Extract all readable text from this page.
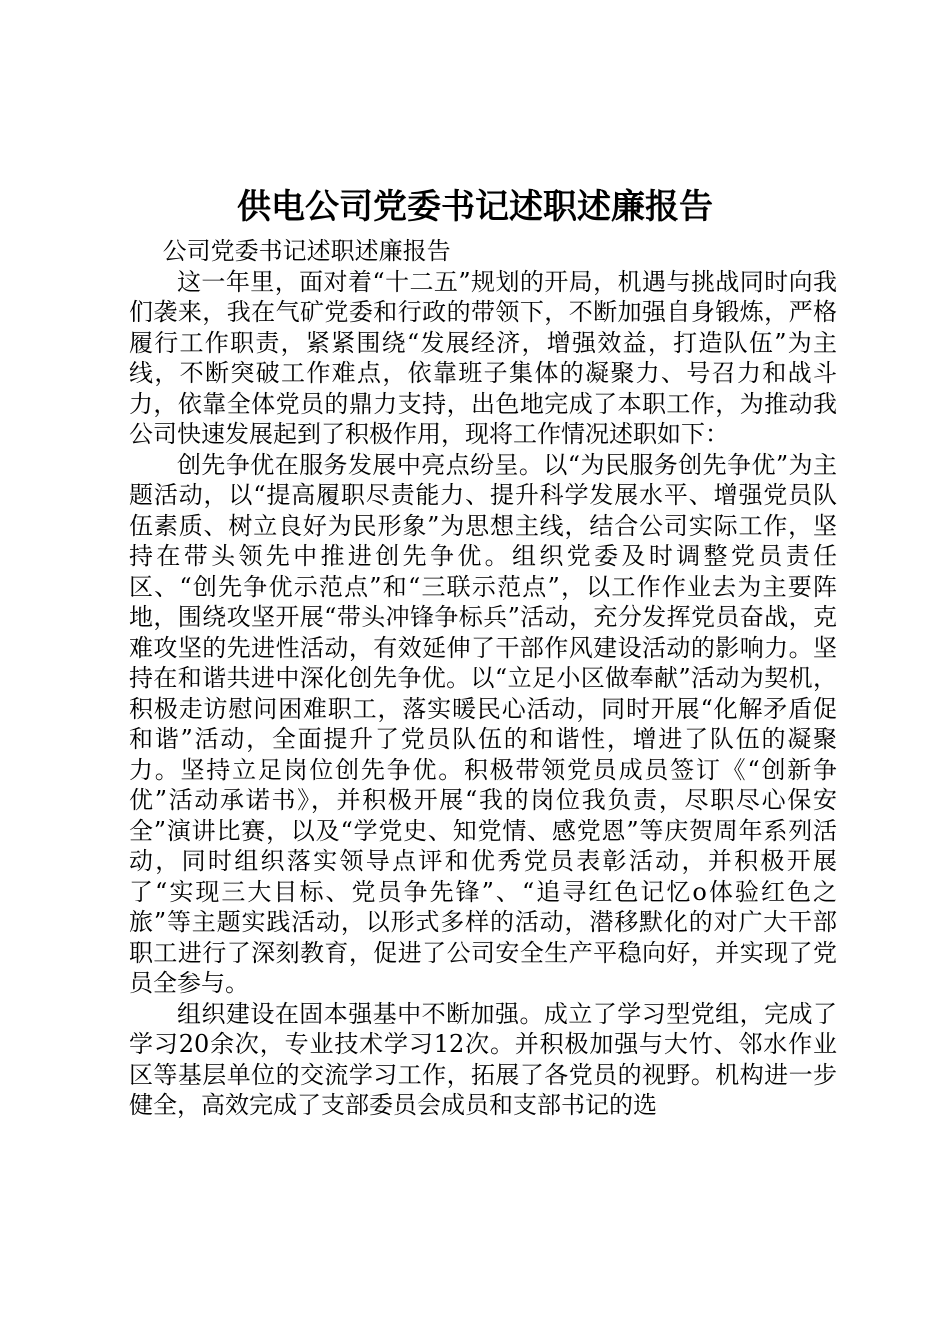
供电公司党委书记述职述廉报告

公司党委书记述职述廉报告

这一年里，面对着“十二五”规划的开局，机遇与挑战同时向我们袭来，我在气矿党委和行政的带领下，不断加强自身锻炼，严格履行工作职责，紧紧围绕“发展经济，增强效益，打造队伍”为主线，不断突破工作难点，依靠班子集体的凝聚力、号召力和战斗力，依靠全体党员的鼎力支持，出色地完成了本职工作，为推动我公司快速发展起到了积极作用，现将工作情况述职如下：

创先争优在服务发展中亮点纷呈。以“为民服务创先争优”为主题活动，以“提高履职尽责能力、提升科学发展水平、增强党员队伍素质、树立良好为民形象”为思想主线，结合公司实际工作，坚持在带头领先中推进创先争优。组织党委及时调整党员责任区、“创先争优示范点”和“三联示范点”，以工作作业去为主要阵地，围绕攻坚开展“带头冲锋争标兵”活动，充分发挥党员奋战，克难攻坚的先进性活动，有效延伸了干部作风建设活动的影响力。坚持在和谐共进中深化创先争优。以“立足小区做奉献”活动为契机，积极走访慰问困难职工，落实暖民心活动，同时开展“化解矛盾促和谐”活动，全面提升了党员队伍的和谐性，增进了队伍的凝聚力。坚持立足岗位创先争优。积极带领党员成员签订《“创新争优”活动承诺书》，并积极开展“我的岗位我负责，尽职尽心保安全”演讲比赛，以及“学党史、知党情、感党恩”等庆贺周年系列活动，同时组织落实领导点评和优秀党员表彰活动，并积极开展了“实现三大目标、党员争先锋”、“追寻红色记忆o体验红色之旅”等主题实践活动，以形式多样的活动，潜移默化的对广大干部职工进行了深刻教育，促进了公司安全生产平稳向好，并实现了党员全参与。

组织建设在固本强基中不断加强。成立了学习型党组，完成了学习20余次，专业技术学习12次。并积极加强与大竹、邻水作业区等基层单位的交流学习工作，拓展了各党员的视野。机构进一步健全，高效完成了支部委员会成员和支部书记的选
